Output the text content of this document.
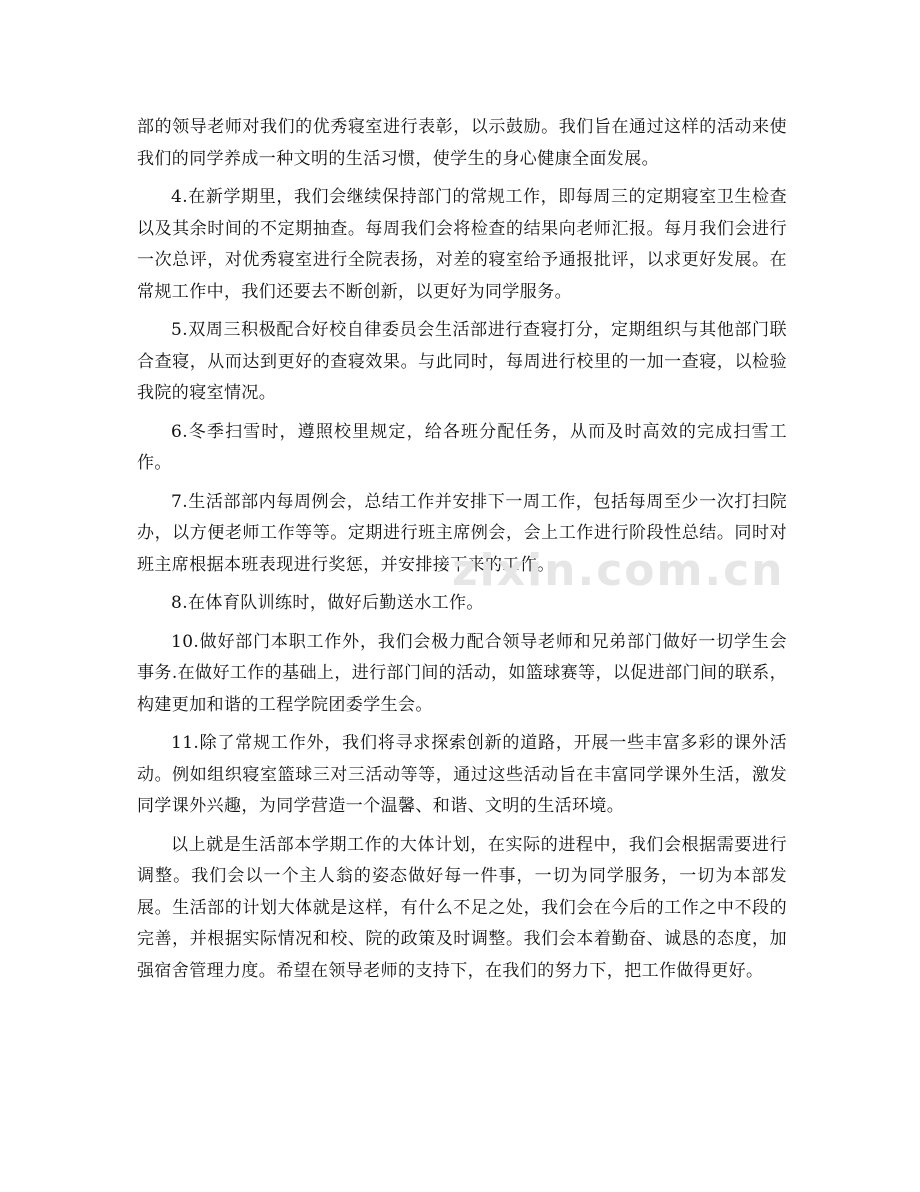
部的领导老师对我们的优秀寝室进行表彰，以示鼓励。我们旨在通过这样的活动来使我们的同学养成一种文明的生活习惯，使学生的身心健康全面发展。

4.在新学期里，我们会继续保持部门的常规工作，即每周三的定期寝室卫生检查以及其余时间的不定期抽查。每周我们会将检查的结果向老师汇报。每月我们会进行一次总评，对优秀寝室进行全院表扬，对差的寝室给予通报批评，以求更好发展。在常规工作中，我们还要去不断创新，以更好为同学服务。

5.双周三积极配合好校自律委员会生活部进行查寝打分，定期组织与其他部门联合查寝，从而达到更好的查寝效果。与此同时，每周进行校里的一加一查寝，以检验我院的寝室情况。

6.冬季扫雪时，遵照校里规定，给各班分配任务，从而及时高效的完成扫雪工作。

7.生活部部内每周例会，总结工作并安排下一周工作，包括每周至少一次打扫院办，以方便老师工作等等。定期进行班主席例会，会上工作进行阶段性总结。同时对班主席根据本班表现进行奖惩，并安排接下来的工作。

8.在体育队训练时，做好后勤送水工作。

10.做好部门本职工作外，我们会极力配合领导老师和兄弟部门做好一切学生会事务.在做好工作的基础上，进行部门间的活动，如篮球赛等，以促进部门间的联系，构建更加和谐的工程学院团委学生会。

11.除了常规工作外，我们将寻求探索创新的道路，开展一些丰富多彩的课外活动。例如组织寝室篮球三对三活动等等，通过这些活动旨在丰富同学课外生活，激发同学课外兴趣，为同学营造一个温馨、和谐、文明的生活环境。

以上就是生活部本学期工作的大体计划，在实际的进程中，我们会根据需要进行调整。我们会以一个主人翁的姿态做好每一件事，一切为同学服务，一切为本部发展。生活部的计划大体就是这样，有什么不足之处，我们会在今后的工作之中不段的完善，并根据实际情况和校、院的政策及时调整。我们会本着勤奋、诚恳的态度，加强宿舍管理力度。希望在领导老师的支持下，在我们的努力下，把工作做得更好。

zixin.com.cn
